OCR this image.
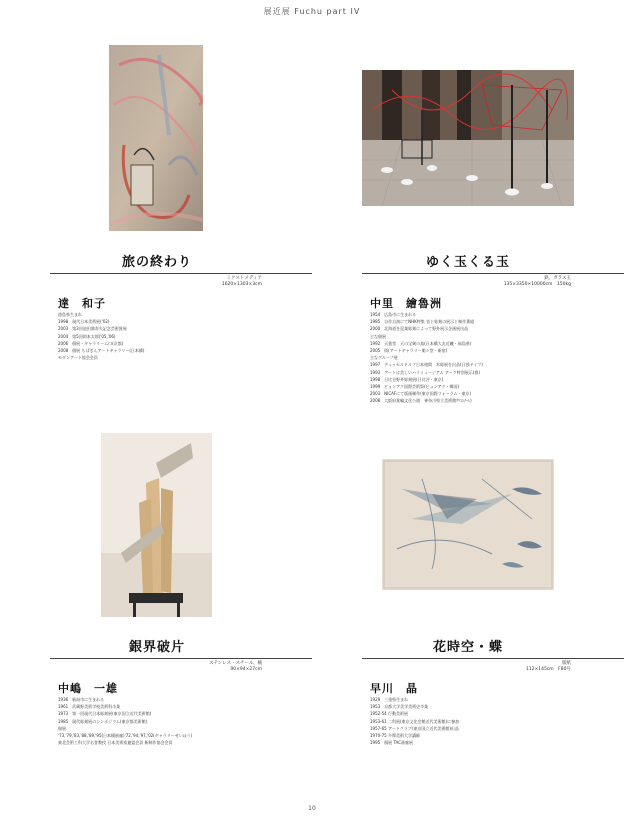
展近展 Fuchu part IV
旅の終わり
ミクストメディア
1620×1303×3cm
達　和子
徳島県生まれ
1998　現代日本美術展('02)
2003　第3回池田満寿夫記念芸術賞展
2004　第5回岡本太郎('05,'06)
2006　個展・ギャラリーム口(京都)
2008　個展 ちばぎんアートギャラリー(日本橋)
モダンアート協会会員
ゆく玉くる玉
鉄、ガラス玉
135×3350×10000cm　150kg
中里　繪魯洲
1954　広島市に生まれる
1985　自作自演にてNHK特集 音と彫刻の展示と制作番組
2000　北海道を巡業彫刻によって野外展示企画展出品
主な個展
1992　天賞堂　天の宝剣の鳥(日本橋大丸近畿・福島県)
2005　街(アートギャラリー閑々堂・新宿)
主なグループ展
1997　デュッセルドルフ日本週間　木彫展を出品(日独ドイツ)
1993　アートは美しいハラミュージアム アーク特別展示(群)
1998　日比谷野外彫刻展(日比谷・東京)
1999　ビョンアク国際芸術祭(ビョンアク・韓国)
2003　NICAFにて版画制作(東京国際フォーラム・東京)
2008　大阪府箕輪文化公園　神奈川県立美術館ｸﾘｴﾝﾅｰﾚ)
銀界破片
ステンレス・スチール、楠
90×94×27cm
中嶋　一雄
1936　新潟市に生まれる
1961　武蔵野美術学校美術科卒業
1973　第一回現代日本彫刻展(東京国立近代美術館)
1985　現代彫刻展のシンポジウム(東京都美術館)
個展
'73,'79,'83,'88,'89,'95(日本橋画廊)'72,'94,'97,'02(ギャラリーせいほう)
東北芸術工科大学名誉教授 日本美術家連盟会員 新制作協会会員
花時空・蝶
版紙
112×145cm　F80号
早川　晶
1929　三重県生まれ
1953　京都大学美学美術史卒業
1952-54 行動美術展
1953-61 二科展(東京文化会館近代美術館)に参加
1957-65 アートクラブ(東京国立近代美術館)出品
1970-75 多摩美術大学講師
1995　個展 TAC画廊展
10
